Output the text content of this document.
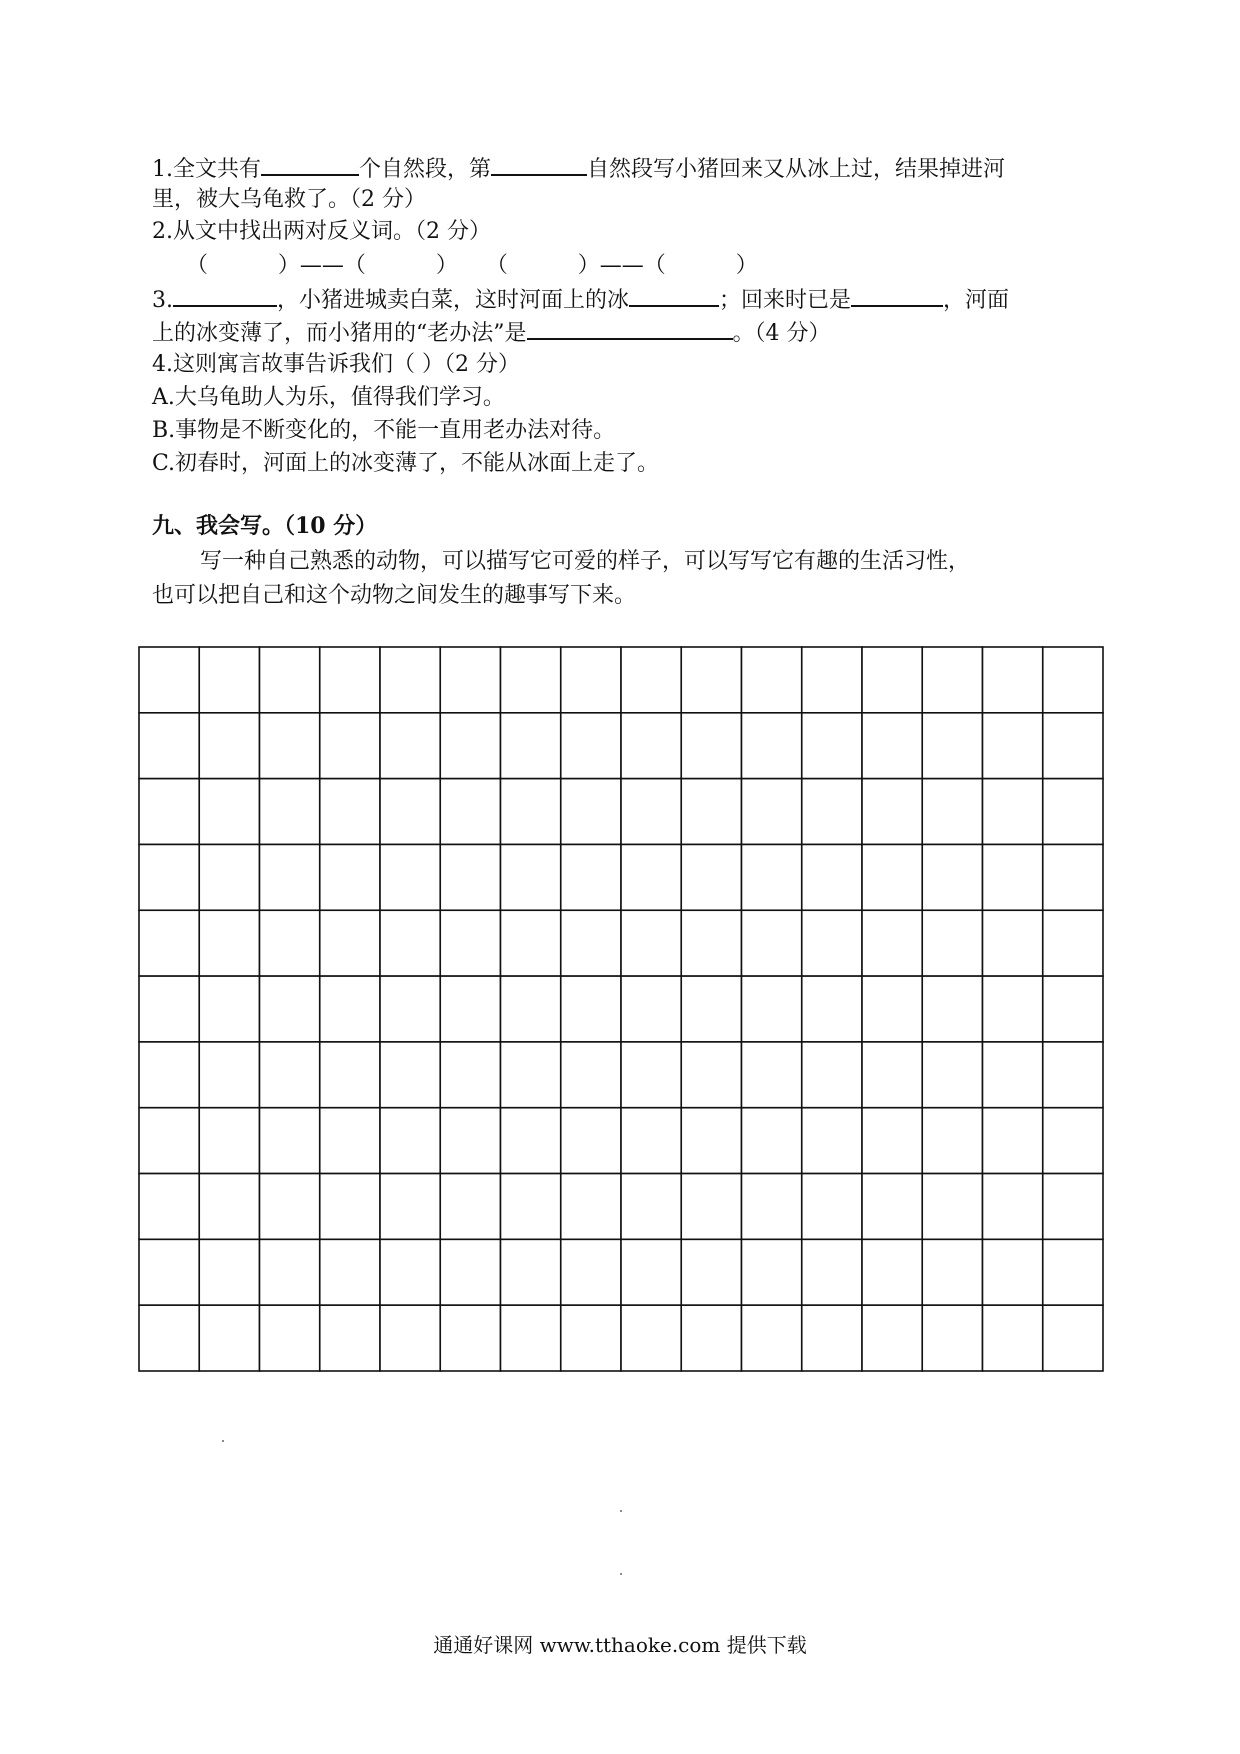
1.全文共有	个自然段，第	自然段写小猪回来又从冰上过，结果掉进河
里，被大乌龟救了。（2 分）
2.从文中找出两对反义词。（2 分）
（          ）——（          ）    （          ）——（          ）
3.	，小猪进城卖白菜，这时河面上的冰	；回来时已是	，河面
上的冰变薄了，而小猪用的“老办法”是	。（4 分）
4.这则寓言故事告诉我们（ ）（2 分）
A.大乌龟助人为乐，值得我们学习。
B.事物是不断变化的，不能一直用老办法对待。
C.初春时，河面上的冰变薄了，不能从冰面上走了。
九、我会写。（10 分）
写一种自己熟悉的动物，可以描写它可爱的样子，可以写写它有趣的生活习性，
也可以把自己和这个动物之间发生的趣事写下来。
通通好课网 www.tthaoke.com 提供下载
